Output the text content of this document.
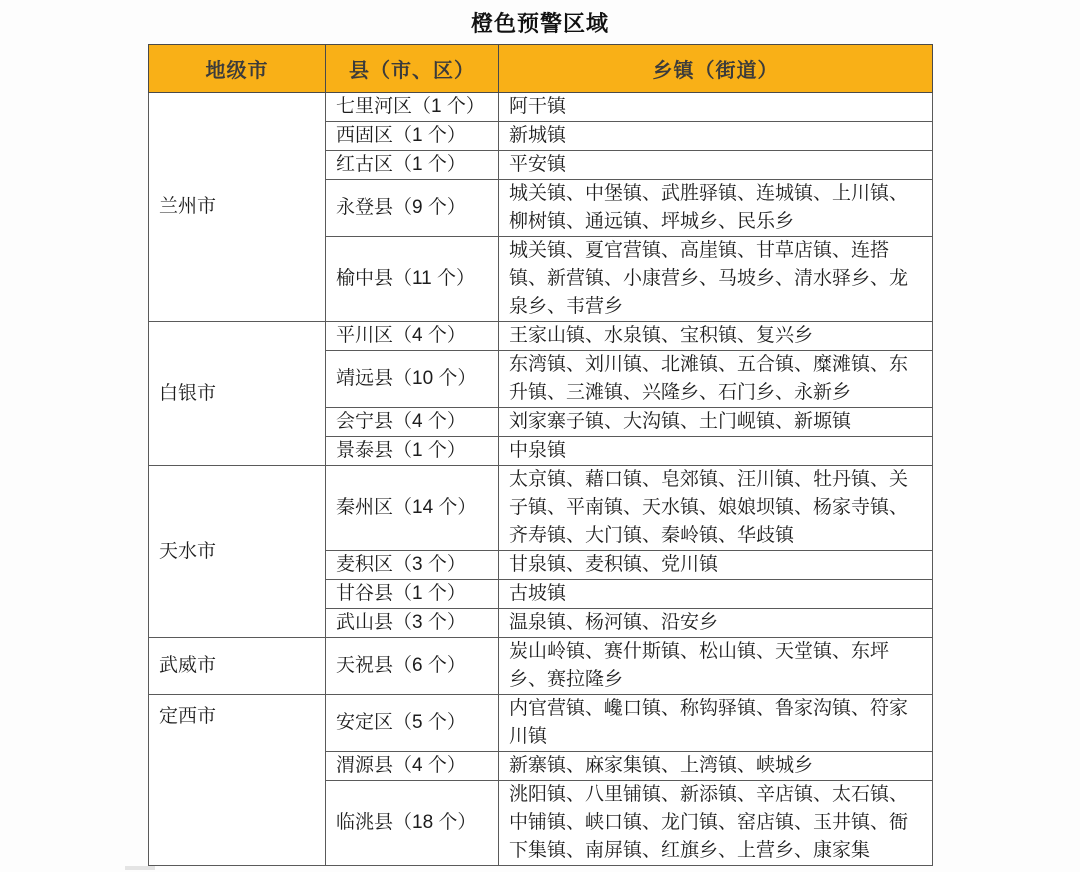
橙色预警区域
地级市	县（市、区）	乡镇（街道）
兰州市	七里河区（1 个）	阿干镇
	西固区（1 个）	新城镇
	红古区（1 个）	平安镇
	永登县（9 个）	城关镇、中堡镇、武胜驿镇、连城镇、上川镇、柳树镇、通远镇、坪城乡、民乐乡
	榆中县（11 个）	城关镇、夏官营镇、高崖镇、甘草店镇、连搭镇、新营镇、小康营乡、马坡乡、清水驿乡、龙泉乡、韦营乡
白银市	平川区（4 个）	王家山镇、水泉镇、宝积镇、复兴乡
	靖远县（10 个）	东湾镇、刘川镇、北滩镇、五合镇、糜滩镇、东升镇、三滩镇、兴隆乡、石门乡、永新乡
	会宁县（4 个）	刘家寨子镇、大沟镇、土门岘镇、新塬镇
	景泰县（1 个）	中泉镇
天水市	秦州区（14 个）	太京镇、藉口镇、皂郊镇、汪川镇、牡丹镇、关子镇、平南镇、天水镇、娘娘坝镇、杨家寺镇、齐寿镇、大门镇、秦岭镇、华歧镇
	麦积区（3 个）	甘泉镇、麦积镇、党川镇
	甘谷县（1 个）	古坡镇
	武山县（3 个）	温泉镇、杨河镇、沿安乡
武威市	天祝县（6 个）	炭山岭镇、赛什斯镇、松山镇、天堂镇、东坪乡、赛拉隆乡
定西市	安定区（5 个）	内官营镇、巉口镇、称钩驿镇、鲁家沟镇、符家川镇
	渭源县（4 个）	新寨镇、麻家集镇、上湾镇、峡城乡
	临洮县（18 个）	洮阳镇、八里铺镇、新添镇、辛店镇、太石镇、中铺镇、峡口镇、龙门镇、窑店镇、玉井镇、衙下集镇、南屏镇、红旗乡、上营乡、康家集
